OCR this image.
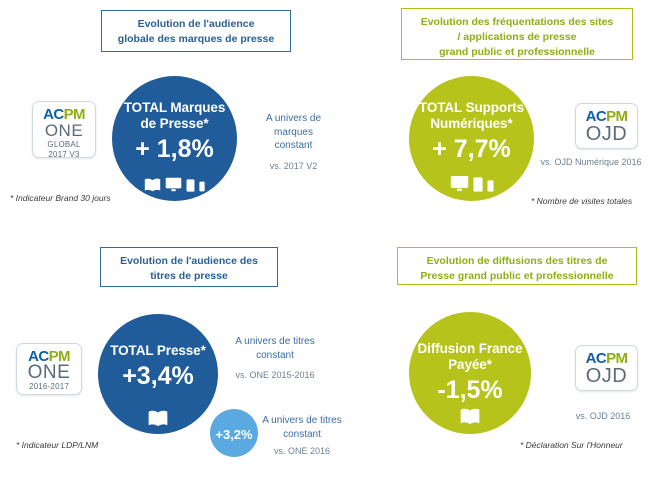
Evolution de l'audience
globale des marques de presse
ACPM
ONE
GLOBAL
2017 V3
TOTAL Marques
de Presse*
+ 1,8%
A univers de marques
constant
vs. 2017 V2
* Indicateur Brand 30 jours
Evolution des fréquentations des sites
/ applications de presse
grand public et professionnelle
TOTAL Supports
Numériques*
+ 7,7%
ACPM
OJD
vs. OJD Numérique 2016
* Nombre de visites totales
Evolution de l'audience des
titres de presse
ACPM
ONE
2016-2017
TOTAL Presse*
+3,4%
A univers de titres
constant
vs. ONE 2015-2016
+3,2%
A univers de titres
constant
vs. ONE 2016
* Indicateur LDP/LNM
Evolution de diffusions des titres de
Presse grand public et professionnelle
Diffusion France
Payée*
-1,5%
ACPM
OJD
vs. OJD 2016
* Déclaration Sur l'Honneur
